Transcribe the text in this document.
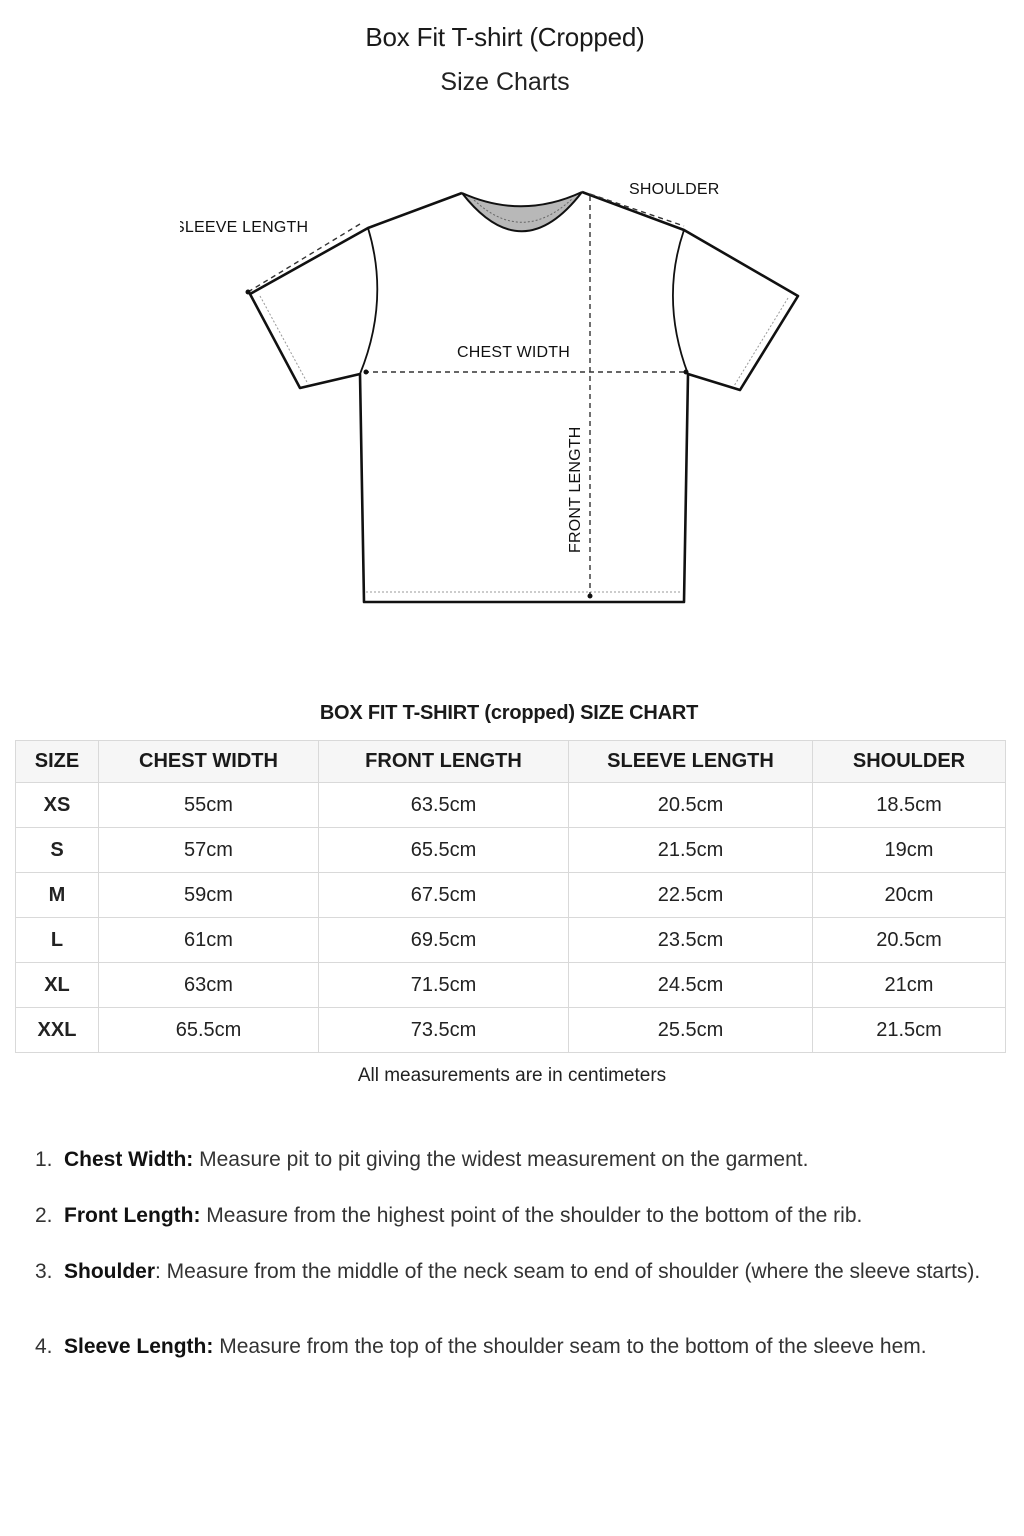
Box Fit T-shirt (Cropped)
Size Charts
SLEEVE LENGTH
SHOULDER
CHEST WIDTH
FRONT LENGTH
BOX FIT T-SHIRT (cropped) SIZE CHART
SIZE	CHEST WIDTH	FRONT LENGTH	SLEEVE LENGTH	SHOULDER
XS	55cm	63.5cm	20.5cm	18.5cm
S	57cm	65.5cm	21.5cm	19cm
M	59cm	67.5cm	22.5cm	20cm
L	61cm	69.5cm	23.5cm	20.5cm
XL	63cm	71.5cm	24.5cm	21cm
XXL	65.5cm	73.5cm	25.5cm	21.5cm
All measurements are in centimeters
1. Chest Width: Measure pit to pit giving the widest measurement on the garment.
2. Front Length: Measure from the highest point of the shoulder to the bottom of the rib.
3. Shoulder: Measure from the middle of the neck seam to end of shoulder (where the sleeve starts).
4. Sleeve Length: Measure from the top of the shoulder seam to the bottom of the sleeve hem.
